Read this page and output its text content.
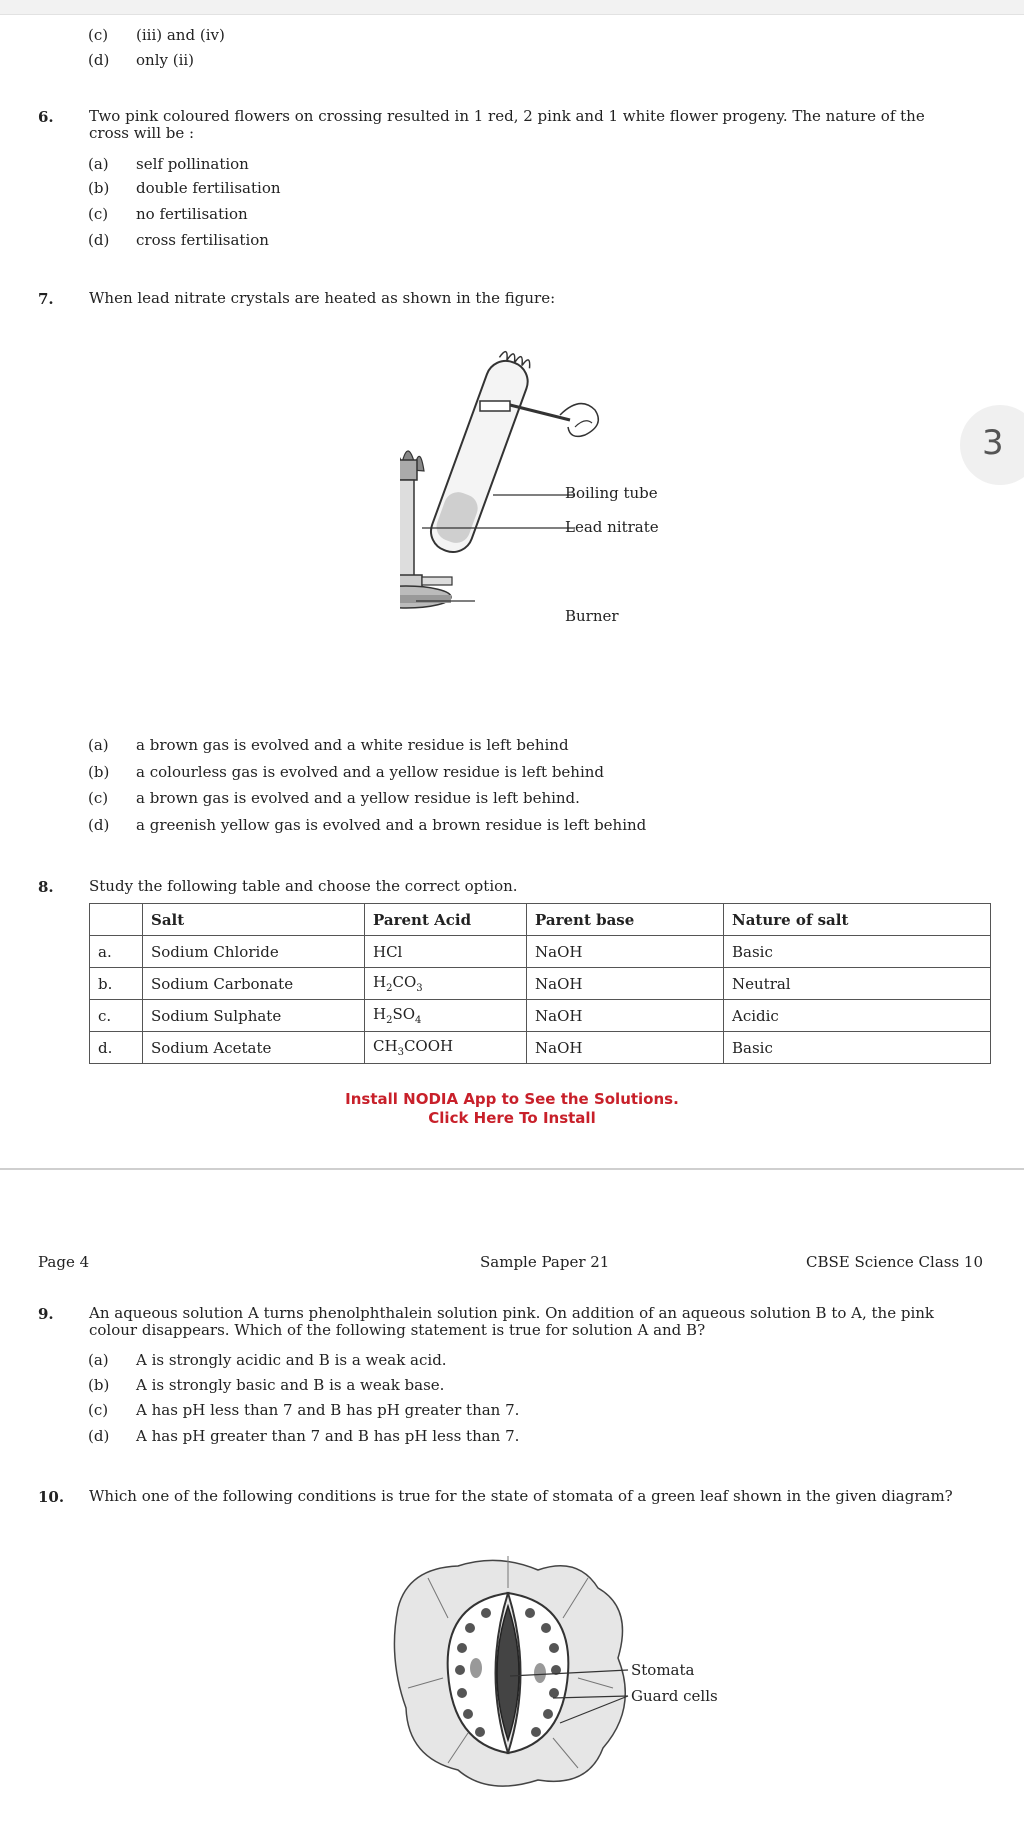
(c) (iii) and (iv)
(d) only (ii)
6. Two pink coloured flowers on crossing resulted in 1 red, 2 pink and 1 white flower progeny. The nature of the
cross will be :
(a) self pollination
(b) double fertilisation
(c) no fertilisation
(d) cross fertilisation
7. When lead nitrate crystals are heated as shown in the figure:
Boiling tube
Lead nitrate
Burner
(a) a brown gas is evolved and a white residue is left behind
(b) a colourless gas is evolved and a yellow residue is left behind
(c) a brown gas is evolved and a yellow residue is left behind.
(d) a greenish yellow gas is evolved and a brown residue is left behind
8. Study the following table and choose the correct option.
	Salt	Parent Acid	Parent base	Nature of salt
a.	Sodium Chloride	HCl	NaOH	Basic
b.	Sodium Carbonate	$H_2CO_3$	NaOH	Neutral
c.	Sodium Sulphate	$H_2SO_4$	NaOH	Acidic
d.	Sodium Acetate	$CH_3COOH$	NaOH	Basic
Install NODIA App to See the Solutions.
Click Here To Install
3
Page 4	Sample Paper 21	CBSE Science Class 10
9. An aqueous solution A turns phenolphthalein solution pink. On addition of an aqueous solution B to A, the pink
colour disappears. Which of the following statement is true for solution A and B?
(a) A is strongly acidic and B is a weak acid.
(b) A is strongly basic and B is a weak base.
(c) A has pH less than 7 and B has pH greater than 7.
(d) A has pH greater than 7 and B has pH less than 7.
10. Which one of the following conditions is true for the state of stomata of a green leaf shown in the given diagram?
Stomata
Guard cells
